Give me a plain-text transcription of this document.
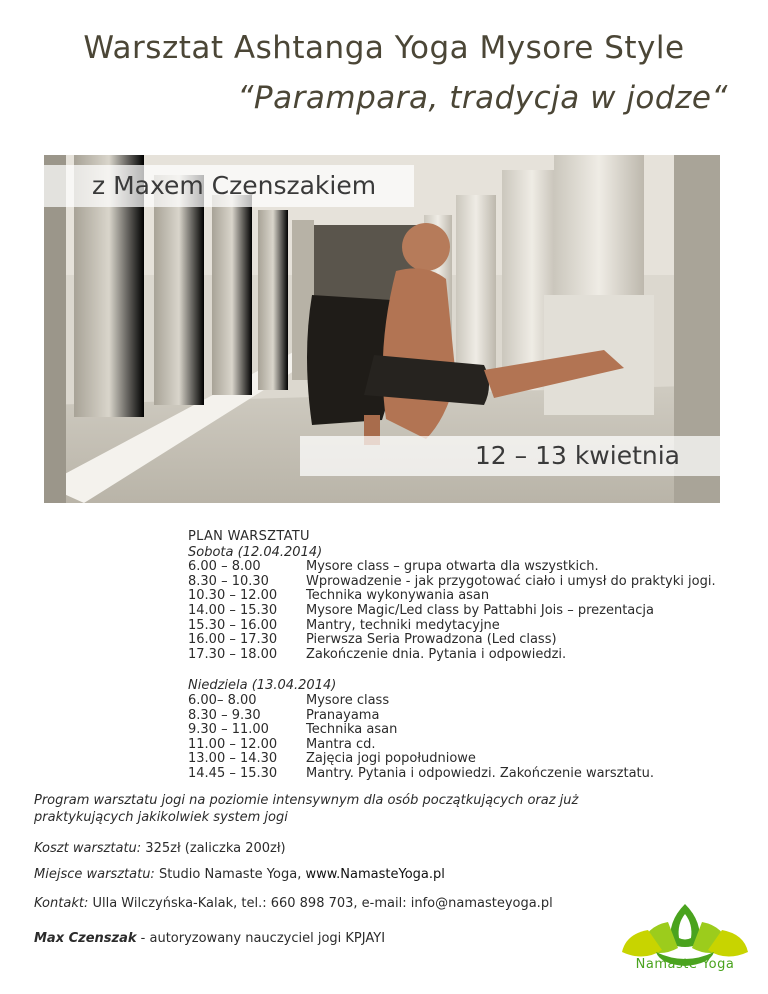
Warsztat Ashtanga Yoga Mysore Style
“Parampara, tradycja w jodze“
z Maxem Czenszakiem
12 – 13 kwietnia
PLAN WARSZTATU
Sobota (12.04.2014)
6.00 – 8.00	Mysore class – grupa otwarta dla wszystkich.
8.30 – 10.30	Wprowadzenie - jak przygotować ciało i umysł do praktyki jogi.
10.30 – 12.00	Technika wykonywania asan
14.00 – 15.30	Mysore Magic/Led class by Pattabhi Jois – prezentacja
15.30 – 16.00	Mantry, techniki medytacyjne
16.00 – 17.30	Pierwsza Seria Prowadzona (Led class)
17.30 – 18.00	Zakończenie dnia. Pytania i odpowiedzi.
Niedziela (13.04.2014)
6.00– 8.00	Mysore class
8.30 – 9.30	Pranayama
9.30 – 11.00	Technika asan
11.00 – 12.00	Mantra cd.
13.00 – 14.30	Zajęcia jogi popołudniowe
14.45 – 15.30	Mantry. Pytania i odpowiedzi. Zakończenie warsztatu.
Program warsztatu jogi na poziomie intensywnym dla osób początkujących oraz już praktykujących jakikolwiek system jogi
Koszt warsztatu: 325zł (zaliczka 200zł)
Miejsce warsztatu: Studio Namaste Yoga, www.NamasteYoga.pl
Kontakt: Ulla Wilczyńska-Kalak, tel.: 660 898 703, e-mail: info@namasteyoga.pl
Max Czenszak - autoryzowany nauczyciel jogi KPJAYI
Namaste Yoga
